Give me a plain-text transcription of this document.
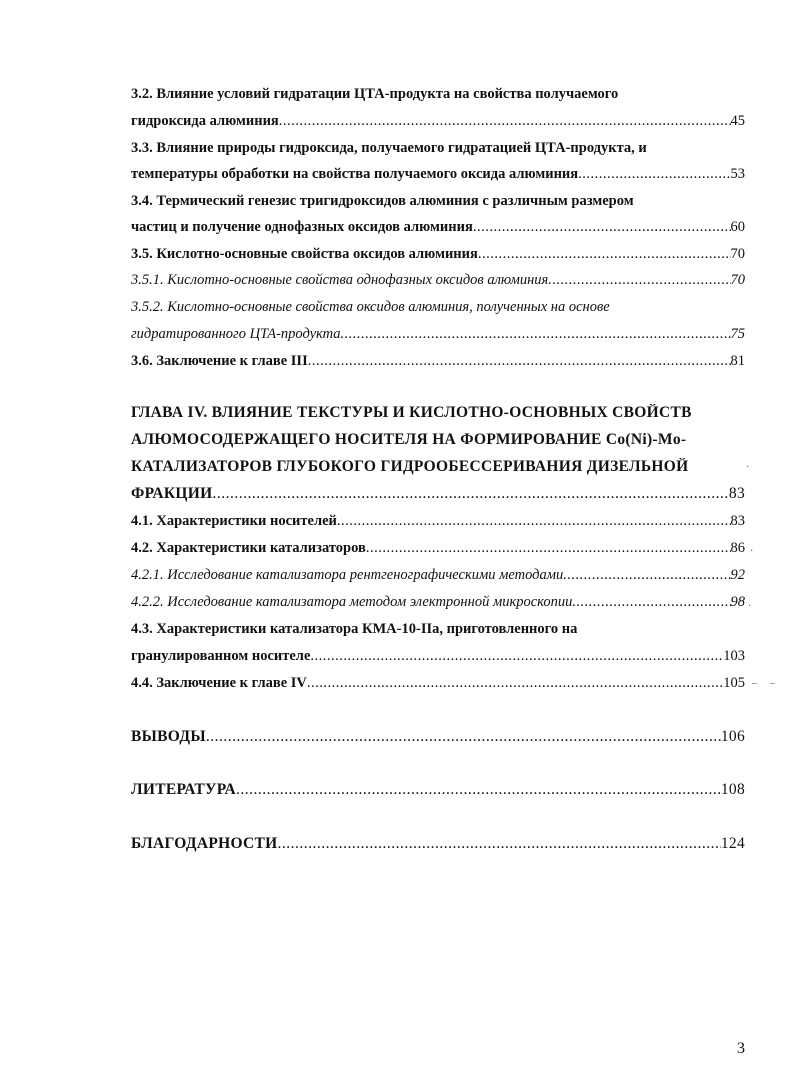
3.2. Влияние условий гидратации ЦТА-продукта на свойства получаемого
гидроксида алюминия .....	45
3.3. Влияние природы гидроксида, получаемого гидратацией ЦТА-продукта, и
температуры обработки на свойства получаемого оксида алюминия .....	53
3.4. Термический генезис тригидроксидов алюминия с различным размером
частиц и получение однофазных оксидов алюминия .....	60
3.5. Кислотно-основные свойства оксидов алюминия .....	70
3.5.1. Кислотно-основные свойства однофазных оксидов алюминия .....	70
3.5.2. Кислотно-основные свойства оксидов алюминия, полученных на основе
гидратированного ЦТА-продукта .....	75
3.6. Заключение к главе III .....	81
ГЛАВА IV. ВЛИЯНИЕ ТЕКСТУРЫ И КИСЛОТНО-ОСНОВНЫХ СВОЙСТВ
АЛЮМОСОДЕРЖАЩЕГО НОСИТЕЛЯ НА ФОРМИРОВАНИЕ Co(Ni)-Mo-
КАТАЛИЗАТОРОВ ГЛУБОКОГО ГИДРООБЕССЕРИВАНИЯ ДИЗЕЛЬНОЙ
ФРАКЦИИ .....	83
4.1. Характеристики носителей .....	83
4.2. Характеристики катализаторов .....	86
4.2.1. Исследование катализатора рентгенографическими методами .....	92
4.2.2. Исследование катализатора методом электронной микроскопии .....	98
4.3. Характеристики катализатора КМА-10-IIа, приготовленного на
гранулированном носителе .....	103
4.4. Заключение к главе IV .....	105
ВЫВОДЫ .....	106
ЛИТЕРАТУРА .....	108
БЛАГОДАРНОСТИ .....	124
·
·
·
– –
3
